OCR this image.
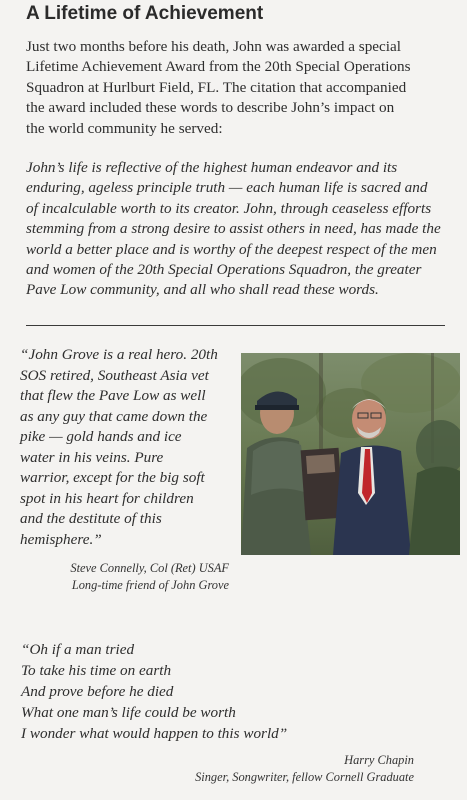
A Lifetime of Achievement

Just two months before his death, John was awarded a special
Lifetime Achievement Award from the 20th Special Operations
Squadron at Hurlburt Field, FL. The citation that accompanied
the award included these words to describe John’s impact on
the world community he served:

John’s life is reflective of the highest human endeavor and its
enduring, ageless principle truth — each human life is sacred and
of incalculable worth to its creator. John, through ceaseless efforts
stemming from a strong desire to assist others in need, has made the
world a better place and is worthy of the deepest respect of the men
and women of the 20th Special Operations Squadron, the greater
Pave Low community, and all who shall read these words.

“John Grove is a real hero. 20th
SOS retired, Southeast Asia vet
that flew the Pave Low as well
as any guy that came down the
pike — gold hands and ice
water in his veins. Pure
warrior, except for the big soft
spot in his heart for children
and the destitute of this
hemisphere.”

Steve Connelly, Col (Ret) USAF
Long-time friend of John Grove

“Oh if a man tried
To take his time on earth
And prove before he died
What one man’s life could be worth
I wonder what would happen to this world”

Harry Chapin
Singer, Songwriter, fellow Cornell Graduate
